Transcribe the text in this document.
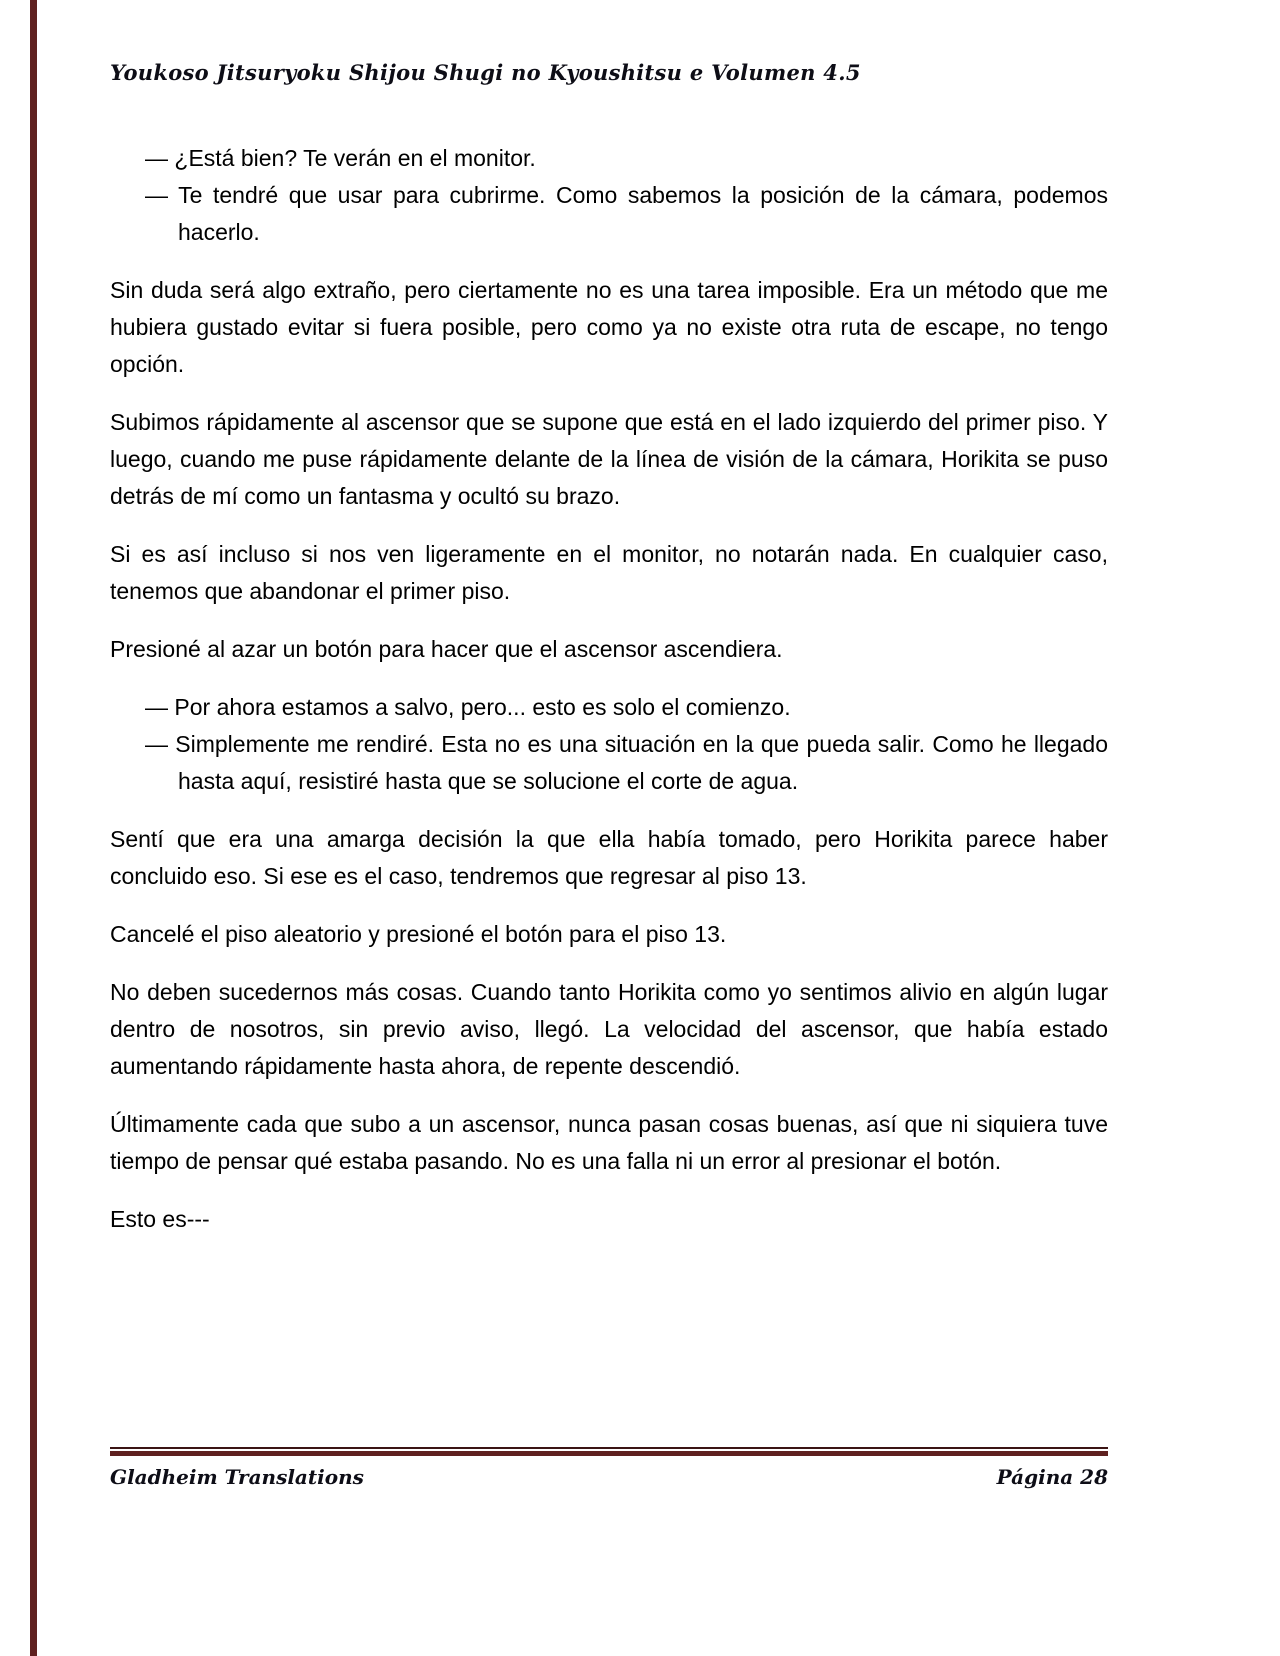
Youkoso Jitsuryoku Shijou Shugi no Kyoushitsu e Volumen 4.5
— ¿Está bien? Te verán en el monitor.
— Te tendré que usar para cubrirme. Como sabemos la posición de la cámara, podemos hacerlo.

Sin duda será algo extraño, pero ciertamente no es una tarea imposible. Era un método que me hubiera gustado evitar si fuera posible, pero como ya no existe otra ruta de escape, no tengo opción.

Subimos rápidamente al ascensor que se supone que está en el lado izquierdo del primer piso. Y luego, cuando me puse rápidamente delante de la línea de visión de la cámara, Horikita se puso detrás de mí como un fantasma y ocultó su brazo.

Si es así incluso si nos ven ligeramente en el monitor, no notarán nada. En cualquier caso, tenemos que abandonar el primer piso.

Presioné al azar un botón para hacer que el ascensor ascendiera.

— Por ahora estamos a salvo, pero... esto es solo el comienzo.
— Simplemente me rendiré. Esta no es una situación en la que pueda salir. Como he llegado hasta aquí, resistiré hasta que se solucione el corte de agua.

Sentí que era una amarga decisión la que ella había tomado, pero Horikita parece haber concluido eso. Si ese es el caso, tendremos que regresar al piso 13.

Cancelé el piso aleatorio y presioné el botón para el piso 13.

No deben sucedernos más cosas. Cuando tanto Horikita como yo sentimos alivio en algún lugar dentro de nosotros, sin previo aviso, llegó. La velocidad del ascensor, que había estado aumentando rápidamente hasta ahora, de repente descendió.

Últimamente cada que subo a un ascensor, nunca pasan cosas buenas, así que ni siquiera tuve tiempo de pensar qué estaba pasando. No es una falla ni un error al presionar el botón.

Esto es---

Gladheim Translations	Página 28
